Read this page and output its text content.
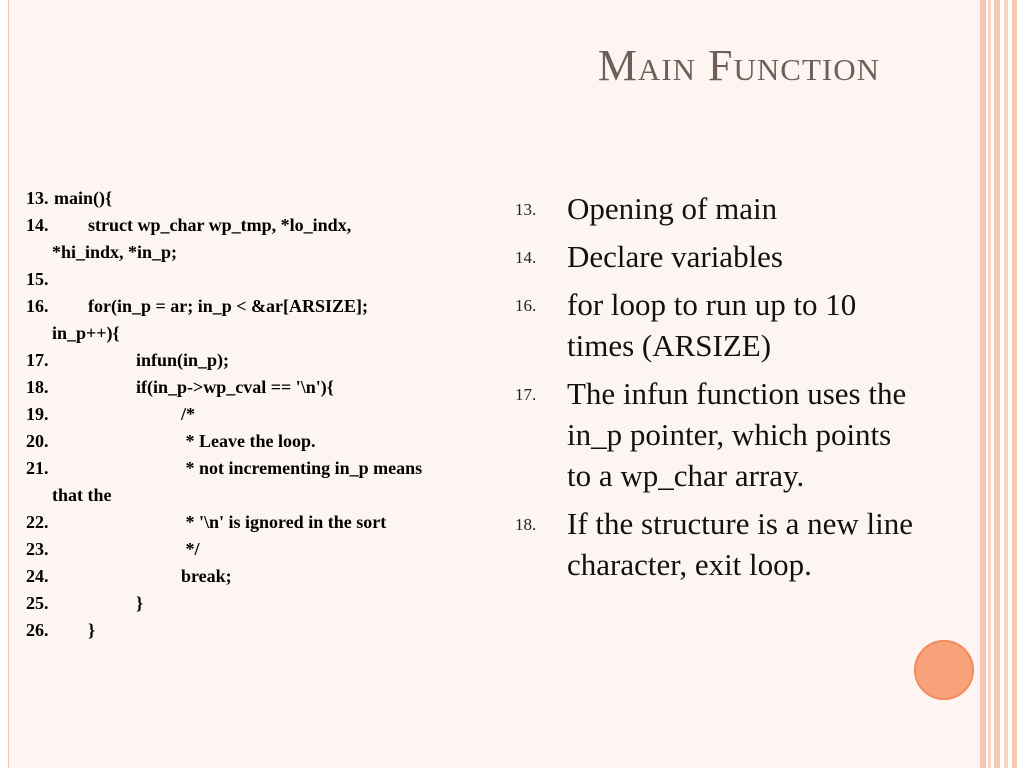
Main Function
13. main(){
14. struct wp_char wp_tmp, *lo_indx,
*hi_indx, *in_p;
15.
16. for(in_p = ar; in_p < &ar[ARSIZE];
in_p++){
17.	infun(in_p);
18.	if(in_p->wp_cval == '\n'){
19.	/*
20.	* Leave the loop.
21.	* not incrementing in_p means
that the
22.	* '\n' is ignored in the sort
23.	*/
24.	break;
25.	}
26. }
13. Opening of main
14. Declare variables
16. for loop to run up to 10 times (ARSIZE)
17. The infun function uses the in_p pointer, which points to a wp_char array.
18. If the structure is a new line character, exit loop.
